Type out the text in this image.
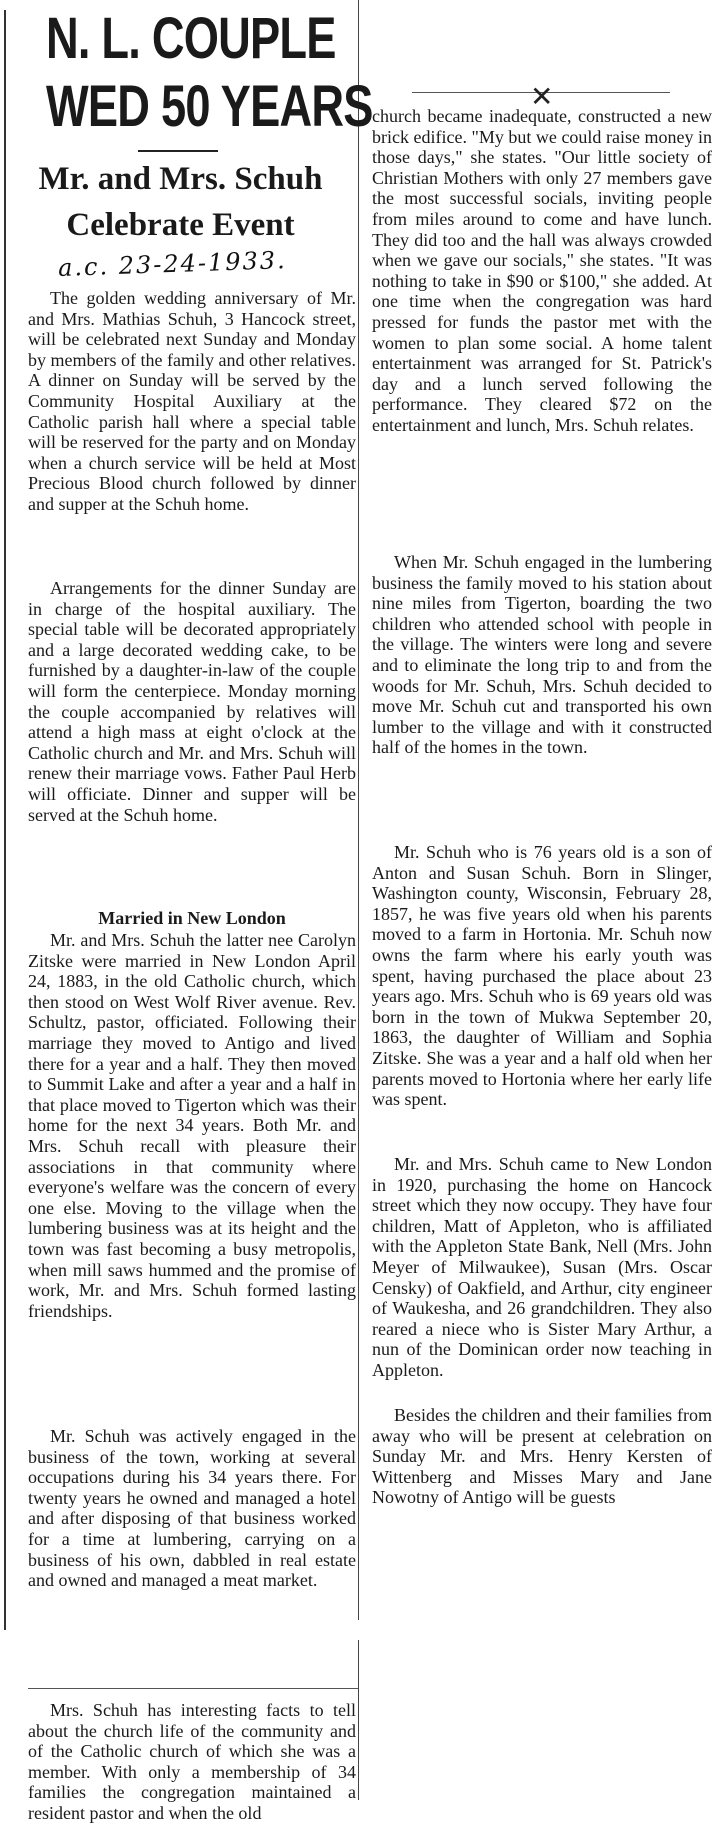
✕

N. L. COUPLE

WED 50 YEARS

Mr. and Mrs. Schuh

Celebrate Event

a.c. 23-24-1933.

The golden wedding anniversary of Mr. and Mrs. Mathias Schuh, 3 Hancock street, will be celebrated next Sunday and Monday by members of the family and other relatives. A dinner on Sunday will be served by the Community Hospital Auxiliary at the Catholic parish hall where a special table will be reserved for the party and on Monday when a church service will be held at Most Precious Blood church followed by dinner and supper at the Schuh home.

Arrangements for the dinner Sunday are in charge of the hospital auxiliary. The special table will be decorated appropriately and a large decorated wedding cake, to be furnished by a daughter-in-law of the couple will form the centerpiece. Monday morning the couple accompanied by relatives will attend a high mass at eight o'clock at the Catholic church and Mr. and Mrs. Schuh will renew their marriage vows. Father Paul Herb will officiate. Dinner and supper will be served at the Schuh home.

Married in New London

Mr. and Mrs. Schuh the latter nee Carolyn Zitske were married in New London April 24, 1883, in the old Catholic church, which then stood on West Wolf River avenue. Rev. Schultz, pastor, officiated. Following their marriage they moved to Antigo and lived there for a year and a half. They then moved to Summit Lake and after a year and a half in that place moved to Tigerton which was their home for the next 34 years. Both Mr. and Mrs. Schuh recall with pleasure their associations in that community where everyone's welfare was the concern of every one else. Moving to the village when the lumbering business was at its height and the town was fast becoming a busy metropolis, when mill saws hummed and the promise of work, Mr. and Mrs. Schuh formed lasting friendships.

Mr. Schuh was actively engaged in the business of the town, working at several occupations during his 34 years there. For twenty years he owned and managed a hotel and after disposing of that business worked for a time at lumbering, carrying on a business of his own, dabbled in real estate and owned and managed a meat market.

Mrs. Schuh has interesting facts to tell about the church life of the community and of the Catholic church of which she was a member. With only a membership of 34 families the congregation maintained a resident pastor and when the old

church became inadequate, constructed a new brick edifice. "My but we could raise money in those days," she states. "Our little society of Christian Mothers with only 27 members gave the most successful socials, inviting people from miles around to come and have lunch. They did too and the hall was always crowded when we gave our socials," she states. "It was nothing to take in $90 or $100," she added. At one time when the congregation was hard pressed for funds the pastor met with the women to plan some social. A home talent entertainment was arranged for St. Patrick's day and a lunch served following the performance. They cleared $72 on the entertainment and lunch, Mrs. Schuh relates.

When Mr. Schuh engaged in the lumbering business the family moved to his station about nine miles from Tigerton, boarding the two children who attended school with people in the village. The winters were long and severe and to eliminate the long trip to and from the woods for Mr. Schuh, Mrs. Schuh decided to move Mr. Schuh cut and transported his own lumber to the village and with it constructed half of the homes in the town.

Mr. Schuh who is 76 years old is a son of Anton and Susan Schuh. Born in Slinger, Washington county, Wisconsin, February 28, 1857, he was five years old when his parents moved to a farm in Hortonia. Mr. Schuh now owns the farm where his early youth was spent, having purchased the place about 23 years ago. Mrs. Schuh who is 69 years old was born in the town of Mukwa September 20, 1863, the daughter of William and Sophia Zitske. She was a year and a half old when her parents moved to Hortonia where her early life was spent.

Mr. and Mrs. Schuh came to New London in 1920, purchasing the home on Hancock street which they now occupy. They have four children, Matt of Appleton, who is affiliated with the Appleton State Bank, Nell (Mrs. John Meyer of Milwaukee), Susan (Mrs. Oscar Censky) of Oakfield, and Arthur, city engineer of Waukesha, and 26 grandchildren. They also reared a niece who is Sister Mary Arthur, a nun of the Dominican order now teaching in Appleton.

Besides the children and their families from away who will be present at celebration on Sunday Mr. and Mrs. Henry Kersten of Wittenberg and Misses Mary and Jane Nowotny of Antigo will be guests
